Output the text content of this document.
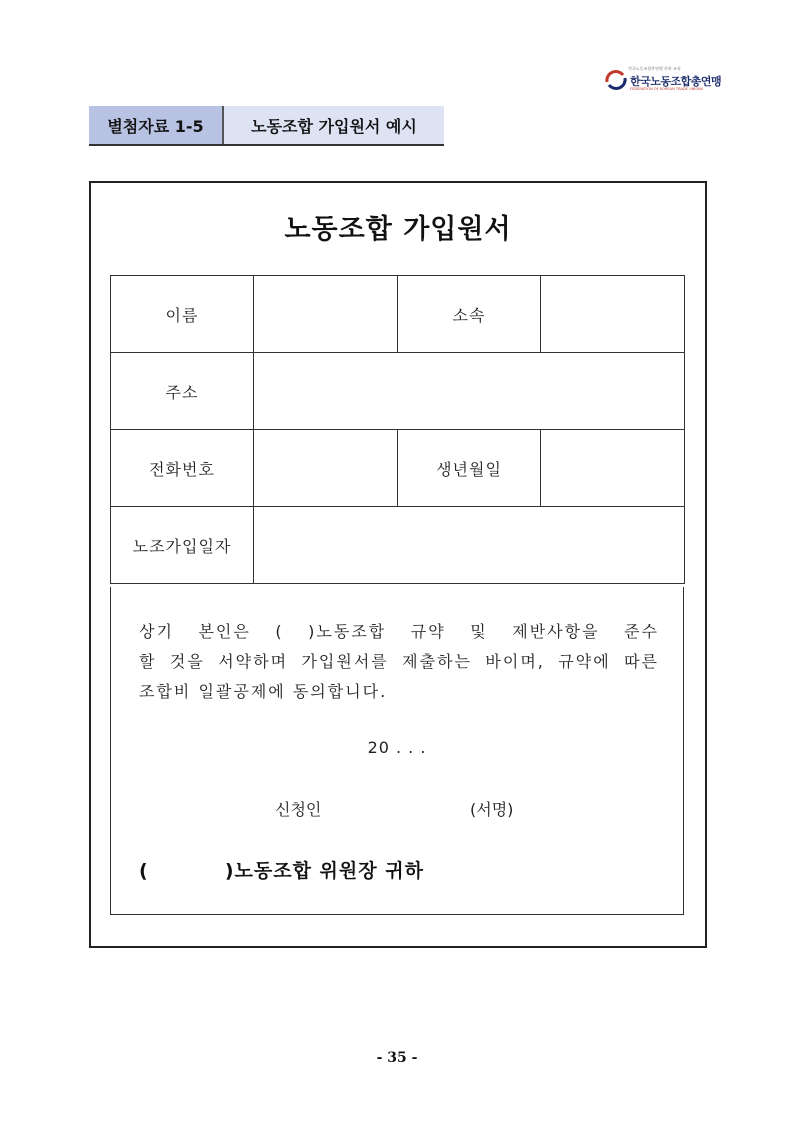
전국노동조합총연맹 산하 조직
한국노동조합총연맹
FEDERATION OF KOREAN TRADE UNIONS
별첨자료 1-5	노동조합 가입원서 예시
노동조합 가입원서
이름		소속	
주소			
전화번호		생년월일	
노조가입일자			
상기 본인은 ( )노동조합 규약 및 제반사항을 준수
할 것을 서약하며 가입원서를 제출하는 바이며, 규약에 따른
조합비 일괄공제에 동의합니다.
20 . . .
신청인	(서명)
(          )노동조합 위원장 귀하
- 35 -
